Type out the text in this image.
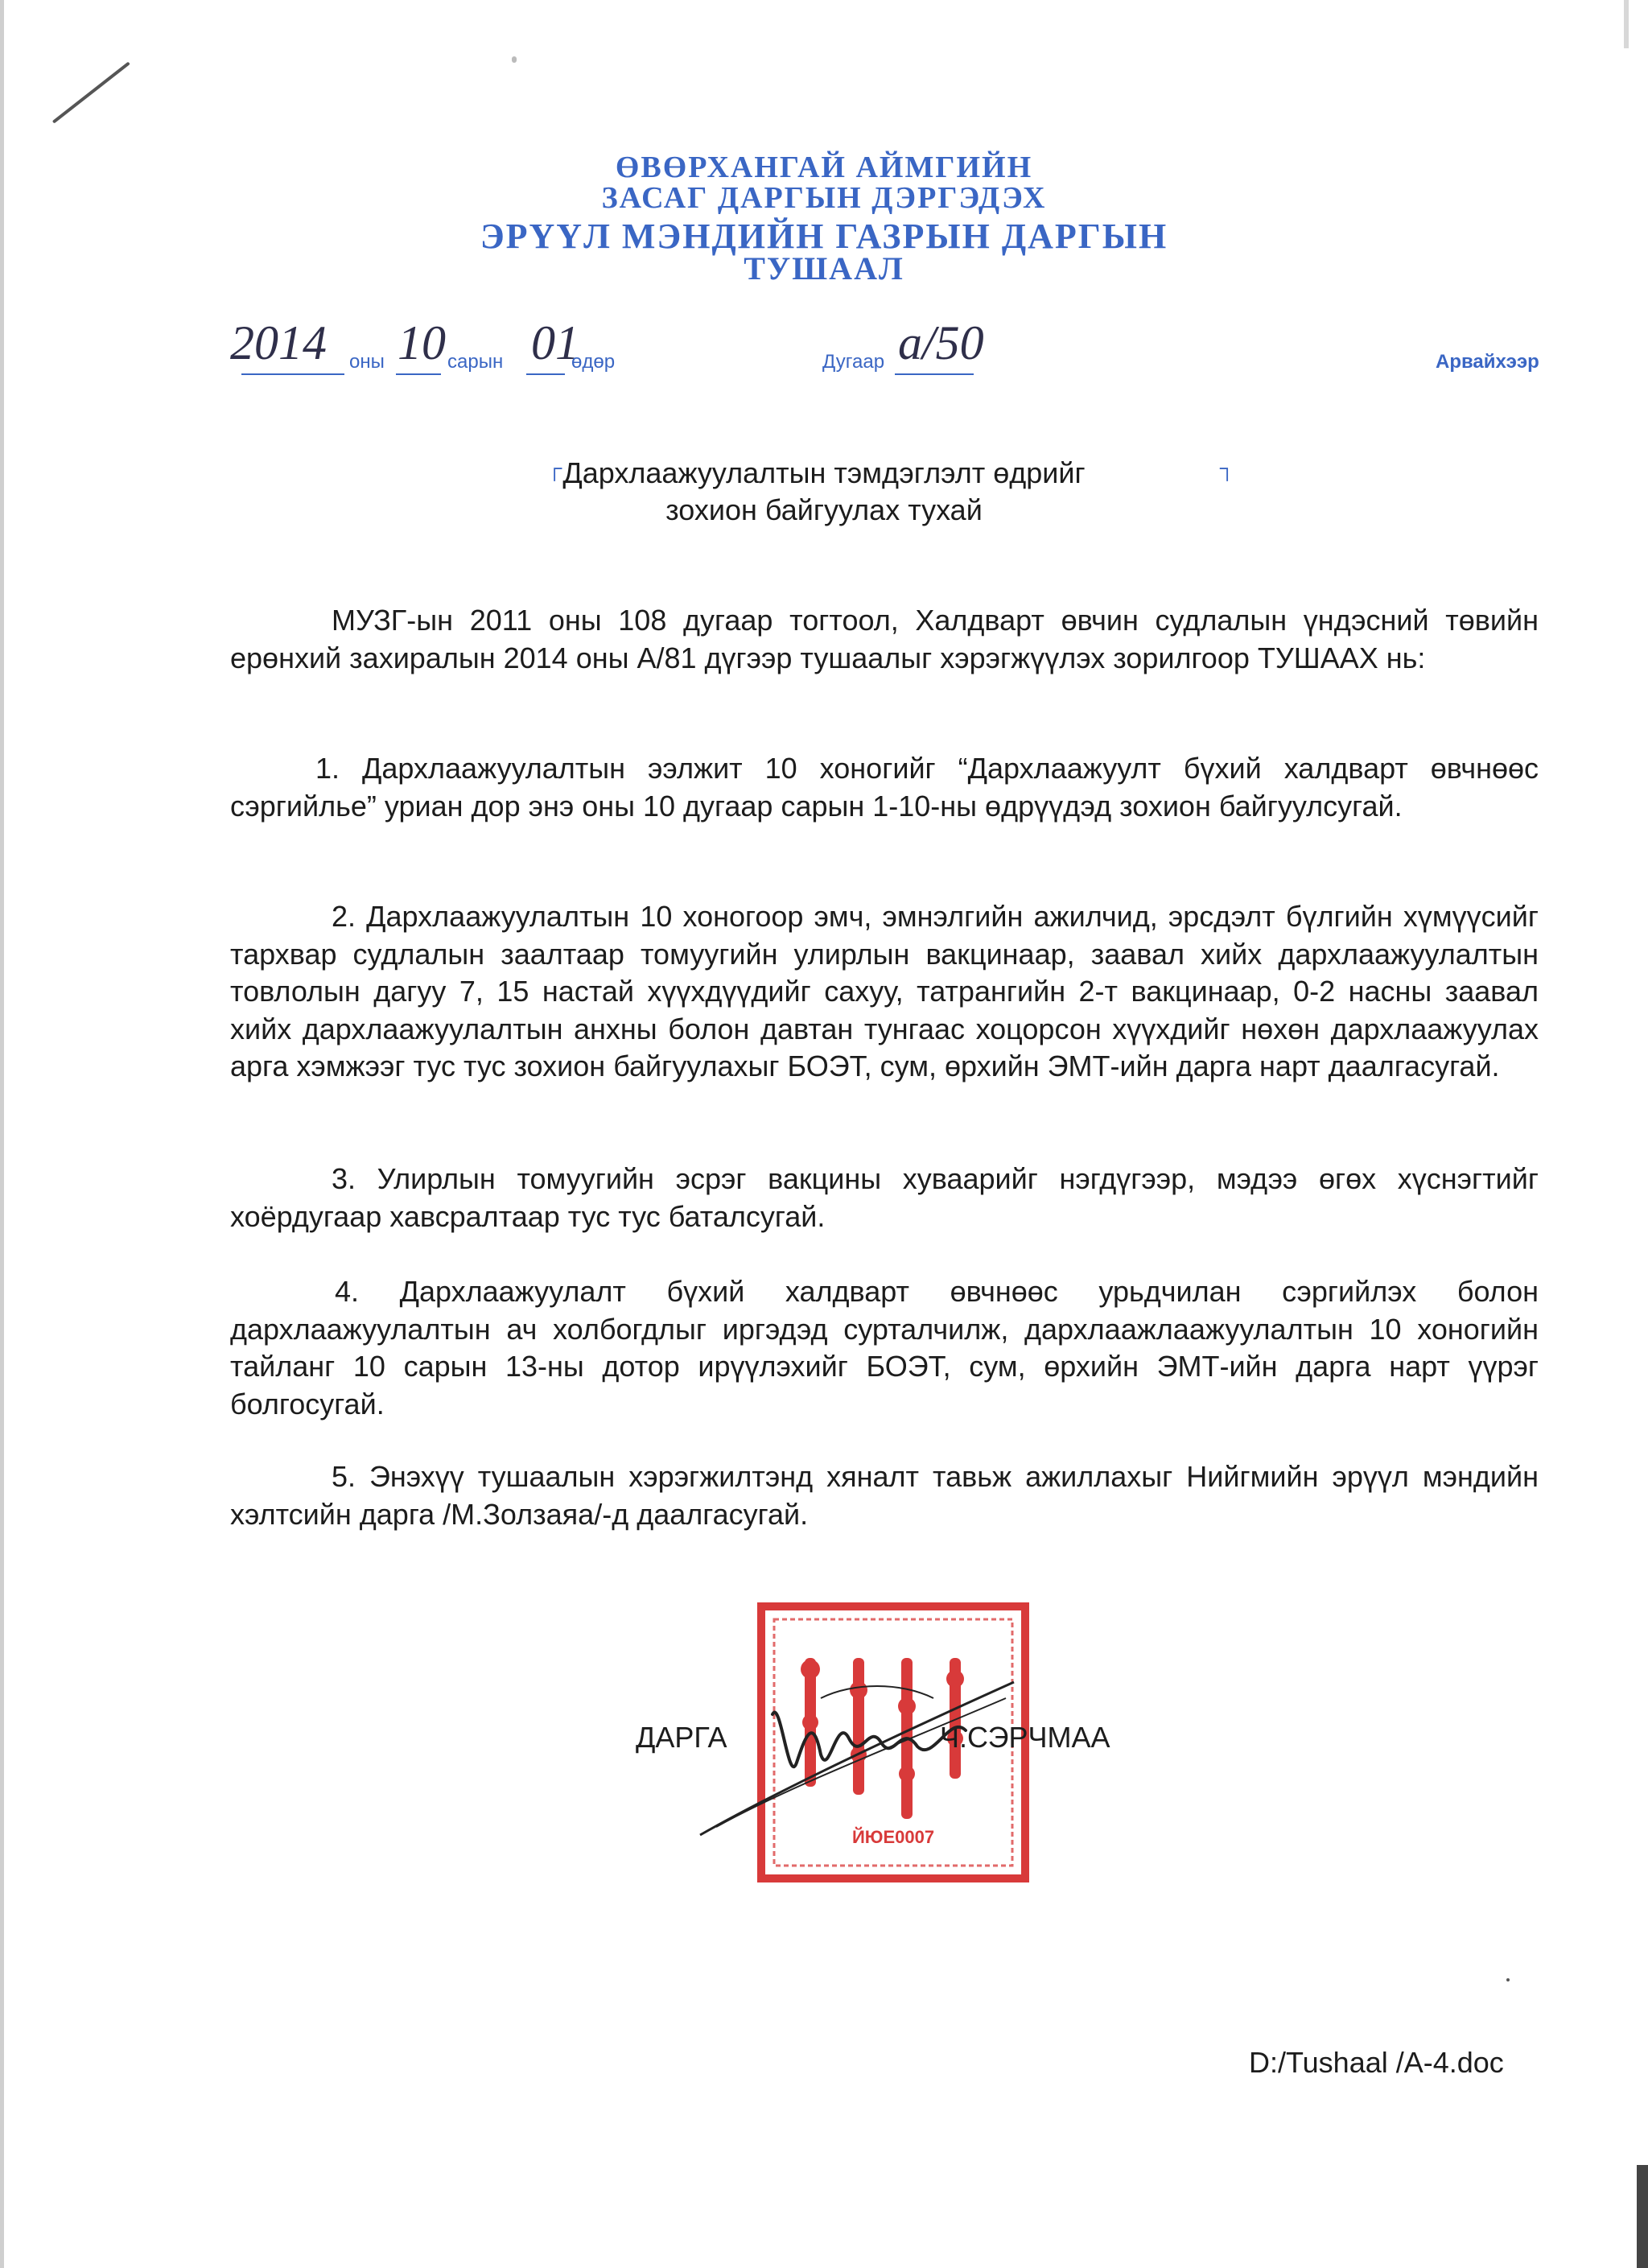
ӨВӨРХАНГАЙ АЙМГИЙН
ЗАСАГ ДАРГЫН ДЭРГЭДЭХ
ЭРҮҮЛ МЭНДИЙН ГАЗРЫН ДАРГЫН
ТУШААЛ
2014 оны 10 сарын 01
өдөр	Дугаар а/50	Арвайхээр
┌	┐
Дархлаажуулалтын тэмдэглэлт өдрийг
зохион байгуулах тухай

МУЗГ-ын 2011 оны 108 дугаар тогтоол, Халдварт өвчин судлалын үндэсний төвийн ерөнхий захиралын 2014 оны А/81 дүгээр тушаалыг хэрэгжүүлэх зорилгоор ТУШААХ нь:

1. Дархлаажуулалтын ээлжит 10 хоногийг “Дархлаажуулт бүхий халдварт өвчнөөс сэргийлье” уриан дор энэ оны 10 дугаар сарын 1-10-ны өдрүүдэд зохион байгуулсугай.

2. Дархлаажуулалтын 10 хоногоор эмч, эмнэлгийн ажилчид, эрсдэлт бүлгийн хүмүүсийг тархвар судлалын заалтаар томуугийн улирлын вакцинаар, заавал хийх дархлаажуулалтын товлолын дагуу 7, 15 настай хүүхдүүдийг сахуу, татрангийн 2-т вакцинаар, 0-2 насны заавал хийх дархлаажуулалтын анхны болон давтан тунгаас хоцорсон хүүхдийг нөхөн дархлаажуулах арга хэмжээг тус тус зохион байгуулахыг БОЭТ, сум, өрхийн ЭМТ-ийн дарга нарт даалгасугай.

3. Улирлын томуугийн эсрэг вакцины хуваарийг нэгдүгээр, мэдээ өгөх хүснэгтийг хоёрдугаар хавсралтаар тус тус баталсугай.

4. Дархлаажуулалт бүхий халдварт өвчнөөс урьдчилан сэргийлэх болон дархлаажуулалтын ач холбогдлыг иргэдэд сурталчилж, дархлаажлаажуулалтын 10 хоногийн тайланг 10 сарын 13-ны дотор ирүүлэхийг БОЭТ, сум, өрхийн ЭМТ-ийн дарга нарт үүрэг болгосугай.

5. Энэхүү тушаалын хэрэгжилтэнд хяналт тавьж ажиллахыг Нийгмийн эрүүл мэндийн хэлтсийн дарга /М.Золзаяа/-д даалгасугай.

ЙЮЕ0007
ДАРГА	Ч.СЭРЧМАА
D:/Tushaal /A-4.doc
